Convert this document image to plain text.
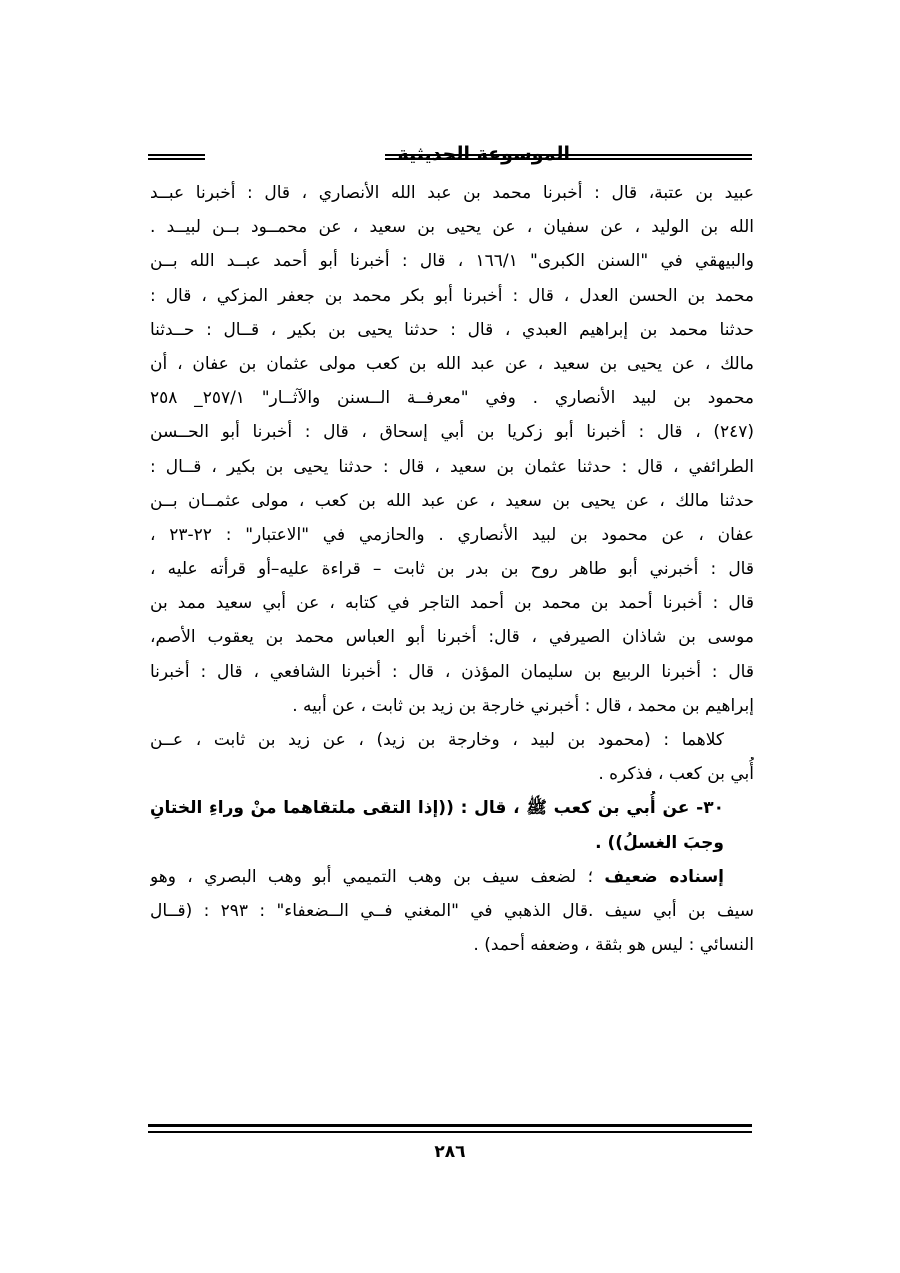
الموسوعة الحديثية
عبيد بن عتبة، قال : أخبرنا محمد بن عبد الله الأنصاري ، قال : أخبرنا عبــد
الله بن الوليد ، عن سفيان ، عن يحيى بن سعيد ، عن محمــود بــن لبيــد .
والبيهقي في "السنن الكبرى" ١٦٦/١ ، قال : أخبرنا أبو أحمد عبــد الله بــن
محمد بن الحسن العدل ، قال : أخبرنا أبو بكر محمد بن جعفر المزكي ، قال :
حدثنا محمد بن إبراهيم العبدي ، قال : حدثنا يحيى بن بكير ، قــال : حــدثنا
مالك ، عن يحيى بن سعيد ، عن عبد الله بن كعب مولى عثمان بن عفان ، أن
محمود بن لبيد الأنصاري . وفي "معرفــة الــسنن والآثــار" ٢٥٧/١_ ٢٥٨
(٢٤٧) ، قال : أخبرنا أبو زكريا بن أبي إسحاق ، قال : أخبرنا أبو الحــسن
الطرائفي ، قال : حدثنا عثمان بن سعيد ، قال : حدثنا يحيى بن بكير ، قــال :
حدثنا مالك ، عن يحيى بن سعيد ، عن عبد الله بن كعب ، مولى عثمــان بــن
عفان ، عن محمود بن لبيد الأنصاري . والحازمي في "الاعتبار" : ٢٢-٢٣ ،
قال : أخبرني أبو طاهر روح بن بدر بن ثابت – قراءة عليه–أو قرأته عليه ،
قال : أخبرنا أحمد بن محمد بن أحمد التاجر في كتابه ، عن أبي سعيد ممد بن
موسى بن شاذان الصيرفي ، قال: أخبرنا أبو العباس محمد بن يعقوب الأصم،
قال : أخبرنا الربيع بن سليمان المؤذن ، قال : أخبرنا الشافعي ، قال : أخبرنا
إبراهيم بن محمد ، قال : أخبرني خارجة بن زيد بن ثابت ، عن أبيه .
كلاهما : (محمود بن لبيد ، وخارجة بن زيد) ، عن زيد بن ثابت ، عــن
أُبي بن كعب ، فذكره .
٣٠- عن أُبي بن كعب ﷺ ، قال : ((إذا التقى ملتقاهما منْ وراءِ الختانِ
وجبَ الغسلُ)) .
إسناده ضعيف ؛ لضعف سيف بن وهب التميمي أبو وهب البصري ، وهو
سيف بن أبي سيف .قال الذهبي في "المغني فــي الــضعفاء" : ٢٩٣ : (قــال
النسائي : ليس هو بثقة ، وضعفه أحمد) .
٢٨٦
